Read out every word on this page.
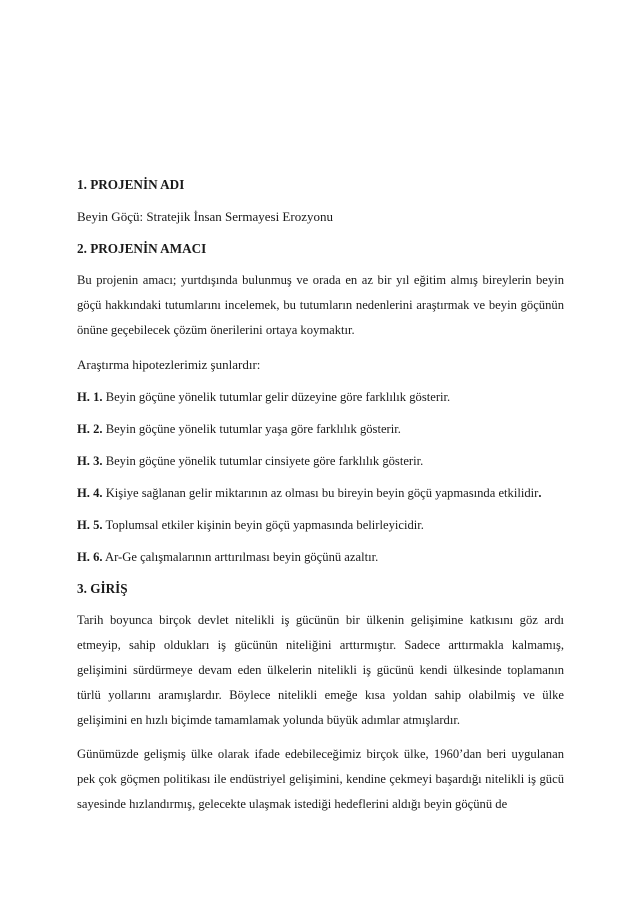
1. PROJENİN ADI
Beyin Göçü: Stratejik İnsan Sermayesi Erozyonu
2. PROJENİN AMACI
Bu projenin amacı; yurtdışında bulunmuş ve orada en az bir yıl eğitim almış bireylerin beyin göçü hakkındaki tutumlarını incelemek, bu tutumların nedenlerini araştırmak ve beyin göçünün önüne geçebilecek çözüm önerilerini ortaya koymaktır.
Araştırma hipotezlerimiz şunlardır:
H. 1. Beyin göçüne yönelik tutumlar gelir düzeyine göre farklılık gösterir.
H. 2. Beyin göçüne yönelik tutumlar yaşa göre farklılık gösterir.
H. 3. Beyin göçüne yönelik tutumlar cinsiyete göre farklılık gösterir.
H. 4. Kişiye sağlanan gelir miktarının az olması bu bireyin beyin göçü yapmasında etkilidir.
H. 5. Toplumsal etkiler kişinin beyin göçü yapmasında belirleyicidir.
H. 6. Ar-Ge çalışmalarının arttırılması beyin göçünü azaltır.
3. GİRİŞ
Tarih boyunca birçok devlet nitelikli iş gücünün bir ülkenin gelişimine katkısını göz ardı etmeyip, sahip oldukları iş gücünün niteliğini arttırmıştır. Sadece arttırmakla kalmamış, gelişimini sürdürmeye devam eden ülkelerin nitelikli iş gücünü kendi ülkesinde toplamanın türlü yollarını aramışlardır. Böylece nitelikli emeğe kısa yoldan sahip olabilmiş ve ülke gelişimini en hızlı biçimde tamamlamak yolunda büyük adımlar atmışlardır.
Günümüzde gelişmiş ülke olarak ifade edebileceğimiz birçok ülke, 1960’dan beri uygulanan pek çok göçmen politikası ile endüstriyel gelişimini, kendine çekmeyi başardığı nitelikli iş gücü sayesinde hızlandırmış, gelecekte ulaşmak istediği hedeflerini aldığı beyin göçünü de
